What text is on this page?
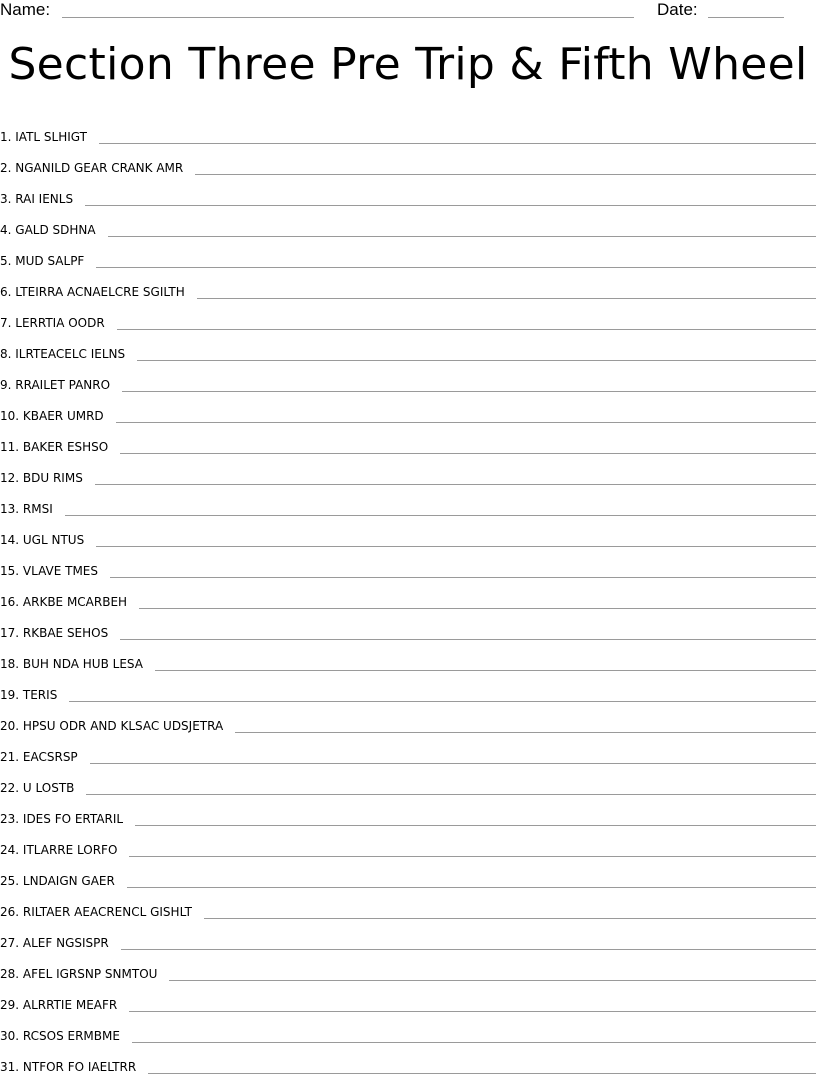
Name:	Date:
Section Three Pre Trip & Fifth Wheel
1. IATL SLHIGT
2. NGANILD GEAR CRANK AMR
3. RAI IENLS
4. GALD SDHNA
5. MUD SALPF
6. LTEIRRA ACNAELCRE SGILTH
7. LERRTIA OODR
8. ILRTEACELC IELNS
9. RRAILET PANRO
10. KBAER UMRD
11. BAKER ESHSO
12. BDU RIMS
13. RMSI
14. UGL NTUS
15. VLAVE TMES
16. ARKBE MCARBEH
17. RKBAE SEHOS
18. BUH NDA HUB LESA
19. TERIS
20. HPSU ODR AND KLSAC UDSJETRA
21. EACSRSP
22. U LOSTB
23. IDES FO ERTARIL
24. ITLARRE LORFO
25. LNDAIGN GAER
26. RILTAER AEACRENCL GISHLT
27. ALEF NGSISPR
28. AFEL IGRSNP SNMTOU
29. ALRRTIE MEAFR
30. RCSOS ERMBME
31. NTFOR FO IAELTRR
